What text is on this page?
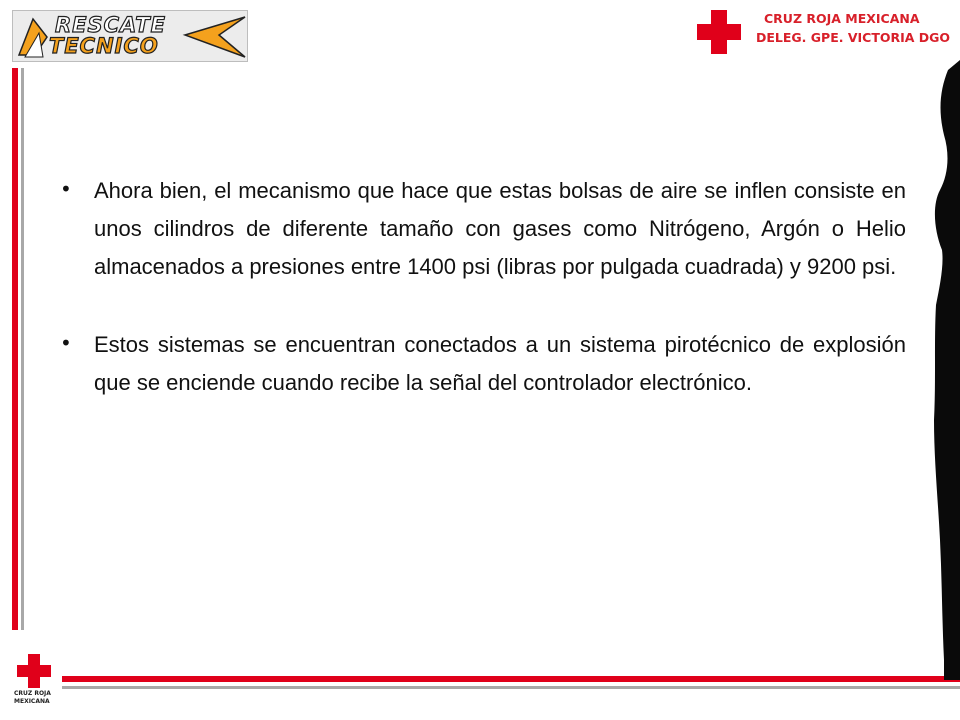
RESCATE
TECNICO
CRUZ ROJA MEXICANA
DELEG. GPE. VICTORIA DGO
CRUZ ROJA
MEXICANA
• Ahora bien, el mecanismo que hace que estas bolsas de aire se inflen consiste en unos cilindros de diferente tamaño con gases como Nitrógeno, Argón o Helio almacenados a presiones entre 1400 psi (libras por pulgada cuadrada) y 9200 psi.

• Estos sistemas se encuentran conectados a un sistema pirotécnico de explosión que se enciende cuando recibe la señal del controlador electrónico.
